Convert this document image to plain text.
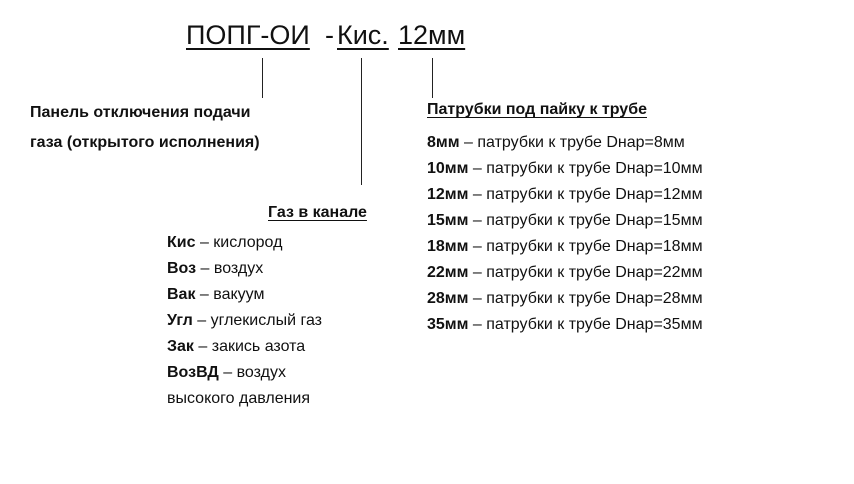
ПОПГ-ОИ - Кис. 12мм
Панель отключения подачи
газа (открытого исполнения)
Газ в канале
Кис – кислород
Воз – воздух
Вак – вакуум
Угл – углекислый газ
Зак – закись азота
ВозВД – воздух
высокого давления
Патрубки под пайку к трубе
8мм – патрубки к трубе Dнар=8мм
10мм – патрубки к трубе Dнар=10мм
12мм – патрубки к трубе Dнар=12мм
15мм – патрубки к трубе Dнар=15мм
18мм – патрубки к трубе Dнар=18мм
22мм – патрубки к трубе Dнар=22мм
28мм – патрубки к трубе Dнар=28мм
35мм – патрубки к трубе Dнар=35мм
